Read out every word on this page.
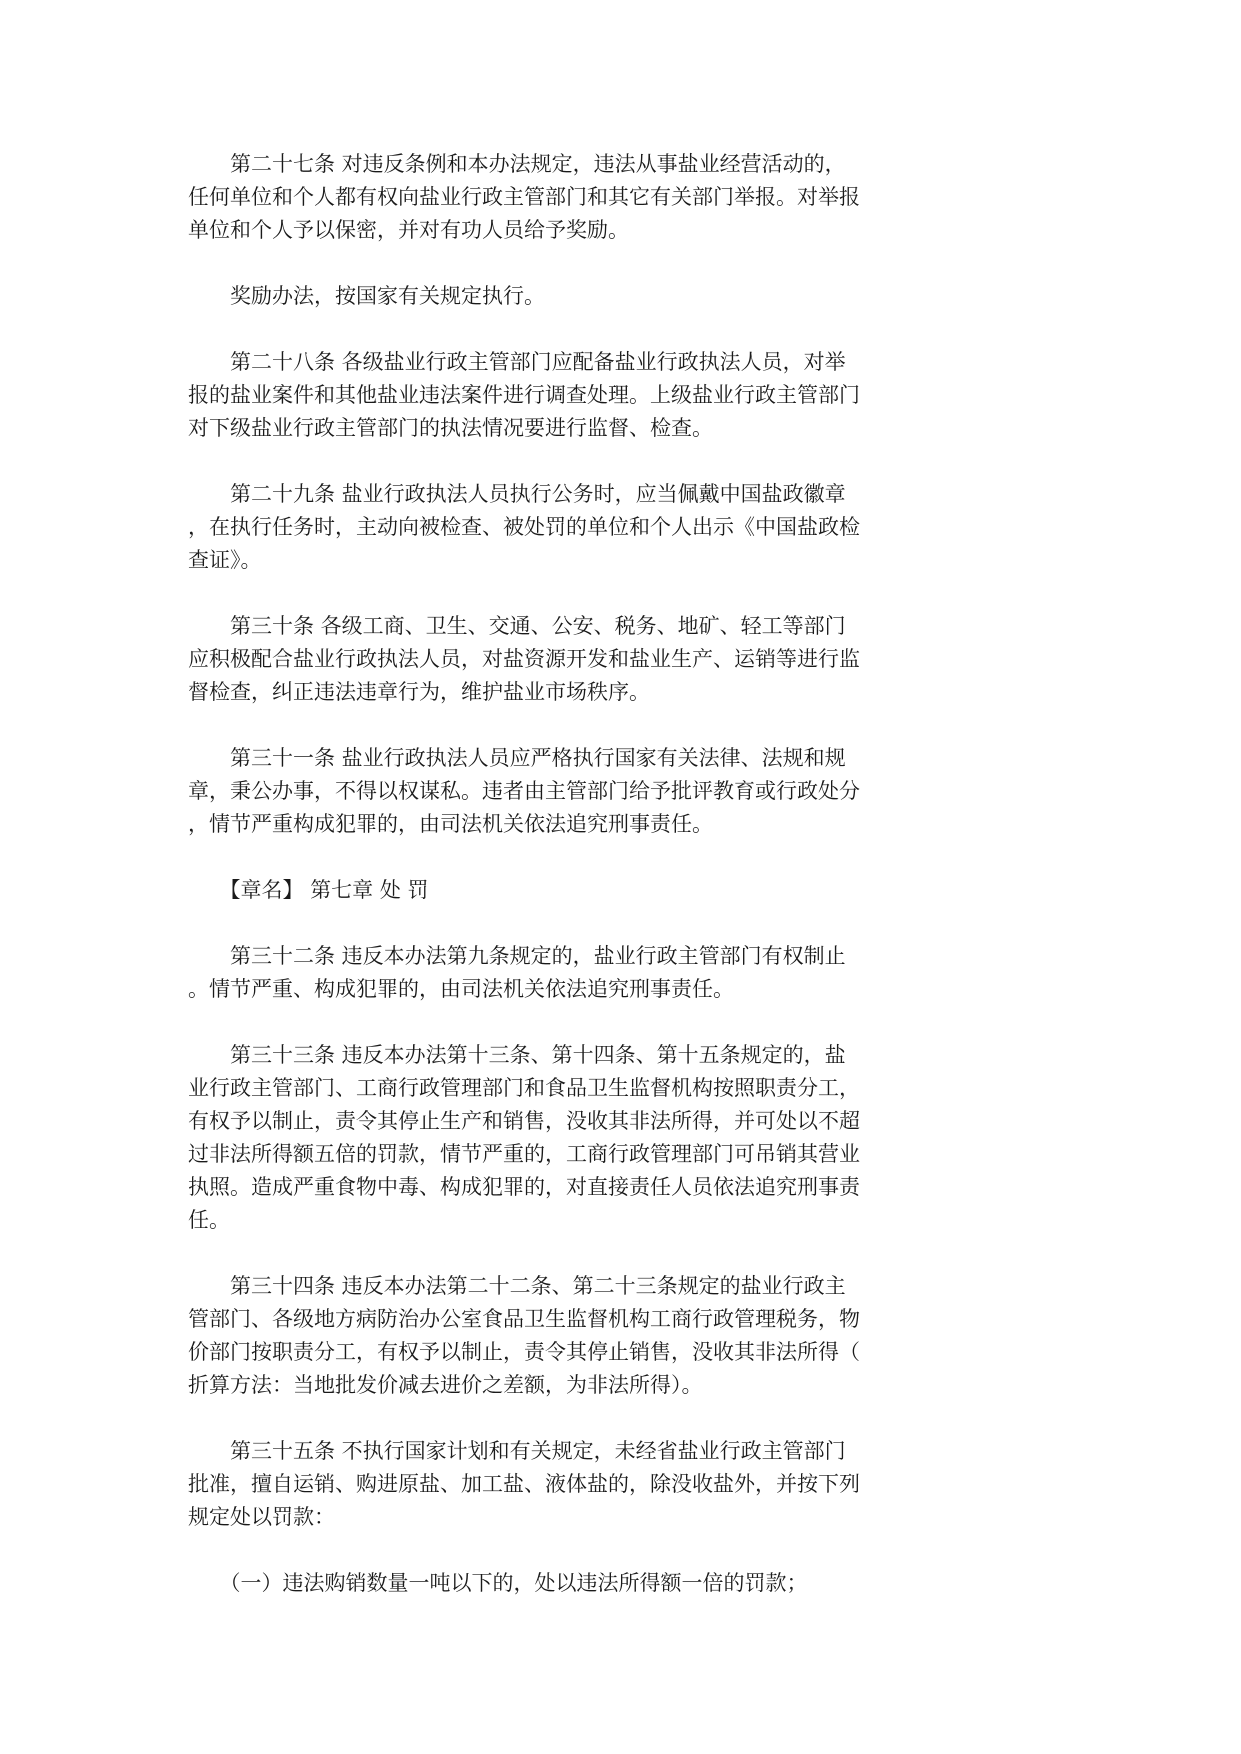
　　第二十七条 对违反条例和本办法规定，违法从事盐业经营活动的，
任何单位和个人都有权向盐业行政主管部门和其它有关部门举报。对举报
单位和个人予以保密，并对有功人员给予奖励。
　　奖励办法，按国家有关规定执行。
　　第二十八条 各级盐业行政主管部门应配备盐业行政执法人员，对举
报的盐业案件和其他盐业违法案件进行调查处理。上级盐业行政主管部门
对下级盐业行政主管部门的执法情况要进行监督、检查。
　　第二十九条 盐业行政执法人员执行公务时，应当佩戴中国盐政徽章
，在执行任务时，主动向被检查、被处罚的单位和个人出示《中国盐政检
查证》。
　　第三十条 各级工商、卫生、交通、公安、税务、地矿、轻工等部门
应积极配合盐业行政执法人员，对盐资源开发和盐业生产、运销等进行监
督检查，纠正违法违章行为，维护盐业市场秩序。
　　第三十一条 盐业行政执法人员应严格执行国家有关法律、法规和规
章，秉公办事，不得以权谋私。违者由主管部门给予批评教育或行政处分
，情节严重构成犯罪的，由司法机关依法追究刑事责任。
　　【章名】 第七章 处 罚
　　第三十二条 违反本办法第九条规定的，盐业行政主管部门有权制止
。情节严重、构成犯罪的，由司法机关依法追究刑事责任。
　　第三十三条 违反本办法第十三条、第十四条、第十五条规定的，盐
业行政主管部门、工商行政管理部门和食品卫生监督机构按照职责分工，
有权予以制止，责令其停止生产和销售，没收其非法所得，并可处以不超
过非法所得额五倍的罚款，情节严重的，工商行政管理部门可吊销其营业
执照。造成严重食物中毒、构成犯罪的，对直接责任人员依法追究刑事责
任。
　　第三十四条 违反本办法第二十二条、第二十三条规定的盐业行政主
管部门、各级地方病防治办公室食品卫生监督机构工商行政管理税务，物
价部门按职责分工，有权予以制止，责令其停止销售，没收其非法所得（
折算方法：当地批发价减去进价之差额，为非法所得）。
　　第三十五条 不执行国家计划和有关规定，未经省盐业行政主管部门
批准，擅自运销、购进原盐、加工盐、液体盐的，除没收盐外，并按下列
规定处以罚款：
　　（一）违法购销数量一吨以下的，处以违法所得额一倍的罚款；
